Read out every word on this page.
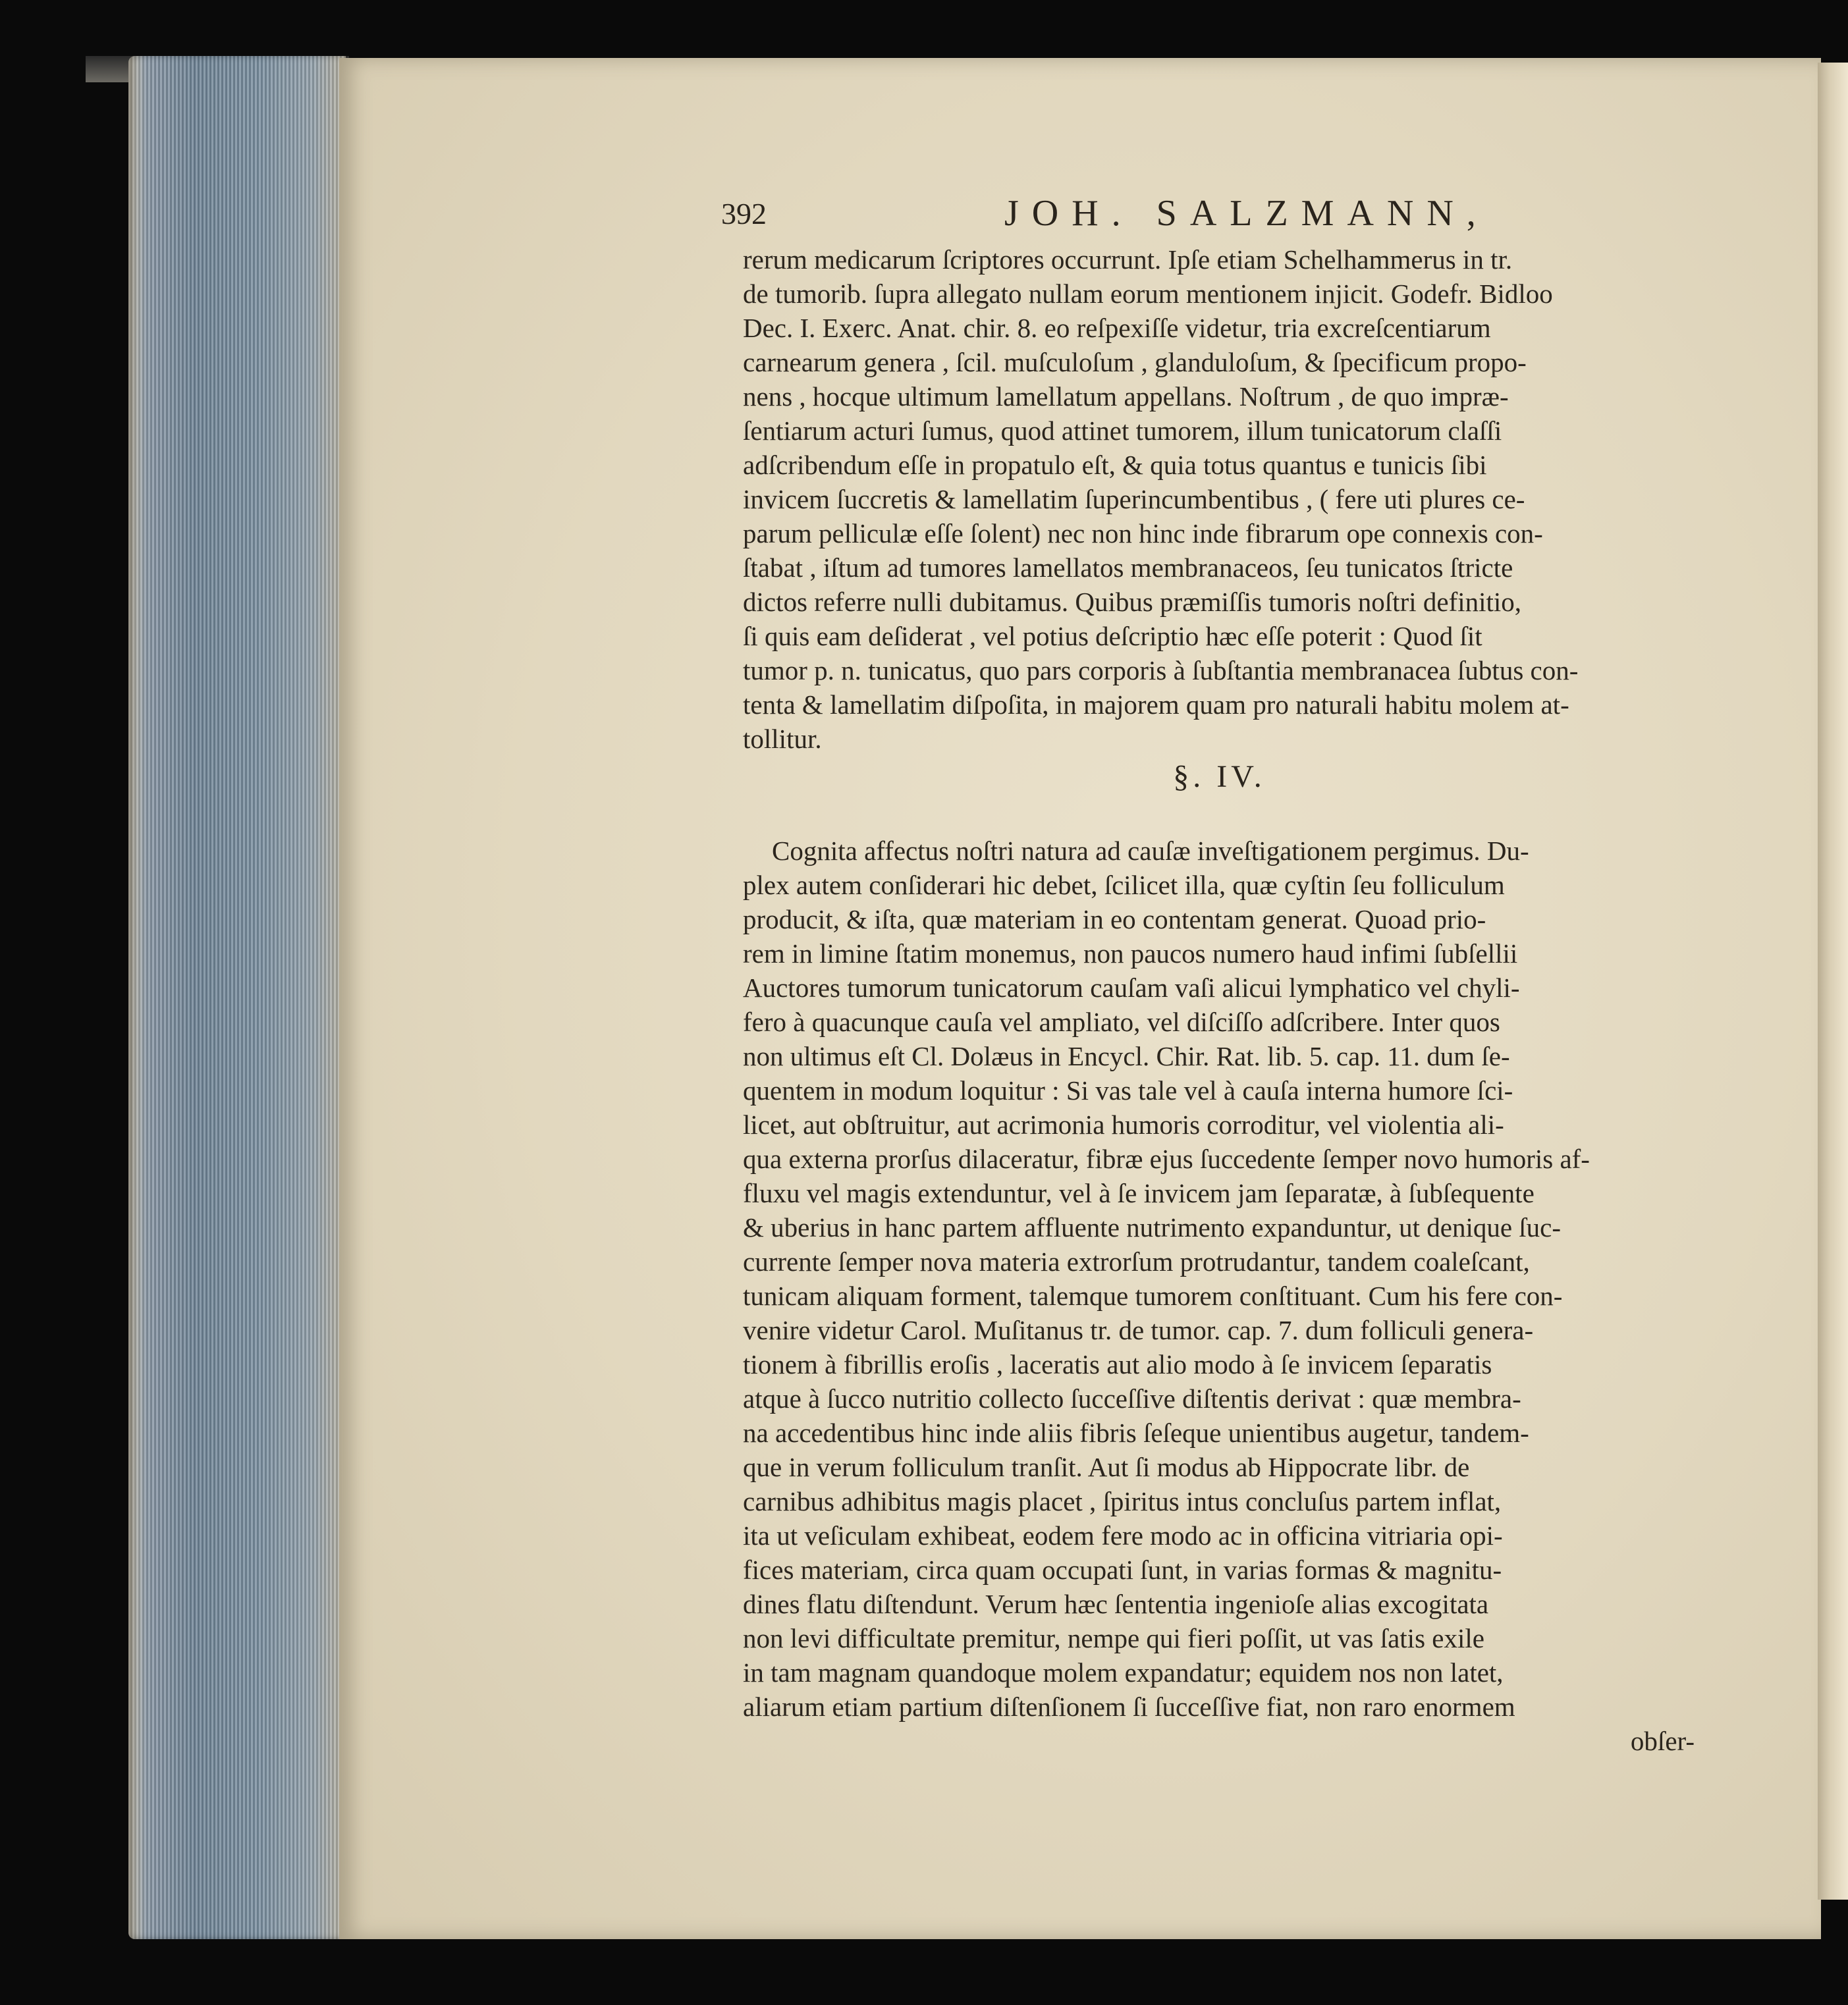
392	JOH. SALZMANN,
rerum medicarum ſcriptores occurrunt. Ipſe etiam Schelhammerus in tr.
de tumorib. ſupra allegato nullam eorum mentionem injicit. Godefr. Bidloo
Dec. I. Exerc. Anat. chir. 8. eo reſpexiſſe videtur, tria excreſcentiarum
carnearum genera , ſcil. muſculoſum , glanduloſum, & ſpecificum propo-
nens , hocque ultimum lamellatum appellans. Noſtrum , de quo impræ-
ſentiarum acturi ſumus, quod attinet tumorem, illum tunicatorum claſſi
adſcribendum eſſe in propatulo eſt, & quia totus quantus e tunicis ſibi
invicem ſuccretis & lamellatim ſuperincumbentibus , ( fere uti plures ce-
parum pelliculæ eſſe ſolent) nec non hinc inde fibrarum ope connexis con-
ſtabat , iſtum ad tumores lamellatos membranaceos, ſeu tunicatos ſtricte
dictos referre nulli dubitamus. Quibus præmiſſis tumoris noſtri definitio,
ſi quis eam deſiderat , vel potius deſcriptio hæc eſſe poterit : Quod ſit
tumor p. n. tunicatus, quo pars corporis à ſubſtantia membranacea ſubtus con-
tenta & lamellatim diſpoſita, in majorem quam pro naturali habitu molem at-
tollitur.
§. IV.
Cognita affectus noſtri natura ad cauſæ inveſtigationem pergimus. Du-
plex autem conſiderari hic debet, ſcilicet illa, quæ cyſtin ſeu folliculum
producit, & iſta, quæ materiam in eo contentam generat. Quoad prio-
rem in limine ſtatim monemus, non paucos numero haud infimi ſubſellii
Auctores tumorum tunicatorum cauſam vaſi alicui lymphatico vel chyli-
fero à quacunque cauſa vel ampliato, vel diſciſſo adſcribere. Inter quos
non ultimus eſt Cl. Dolæus in Encycl. Chir. Rat. lib. 5. cap. 11. dum ſe-
quentem in modum loquitur : Si vas tale vel à cauſa interna humore ſci-
licet, aut obſtruitur, aut acrimonia humoris corroditur, vel violentia ali-
qua externa prorſus dilaceratur, fibræ ejus ſuccedente ſemper novo humoris af-
fluxu vel magis extenduntur, vel à ſe invicem jam ſeparatæ, à ſubſequente
& uberius in hanc partem affluente nutrimento expanduntur, ut denique ſuc-
currente ſemper nova materia extrorſum protrudantur, tandem coaleſcant,
tunicam aliquam forment, talemque tumorem conſtituant. Cum his fere con-
venire videtur Carol. Muſitanus tr. de tumor. cap. 7. dum folliculi genera-
tionem à fibrillis eroſis , laceratis aut alio modo à ſe invicem ſeparatis
atque à ſucco nutritio collecto ſucceſſive diſtentis derivat : quæ membra-
na accedentibus hinc inde aliis fibris ſeſeque unientibus augetur, tandem-
que in verum folliculum tranſit. Aut ſi modus ab Hippocrate libr. de
carnibus adhibitus magis placet , ſpiritus intus concluſus partem inflat,
ita ut veſiculam exhibeat, eodem fere modo ac in officina vitriaria opi-
fices materiam, circa quam occupati ſunt, in varias formas & magnitu-
dines flatu diſtendunt. Verum hæc ſententia ingenioſe alias excogitata
non levi difficultate premitur, nempe qui fieri poſſit, ut vas ſatis exile
in tam magnam quandoque molem expandatur; equidem nos non latet,
aliarum etiam partium diſtenſionem ſi ſucceſſive fiat, non raro enormem
obſer-
